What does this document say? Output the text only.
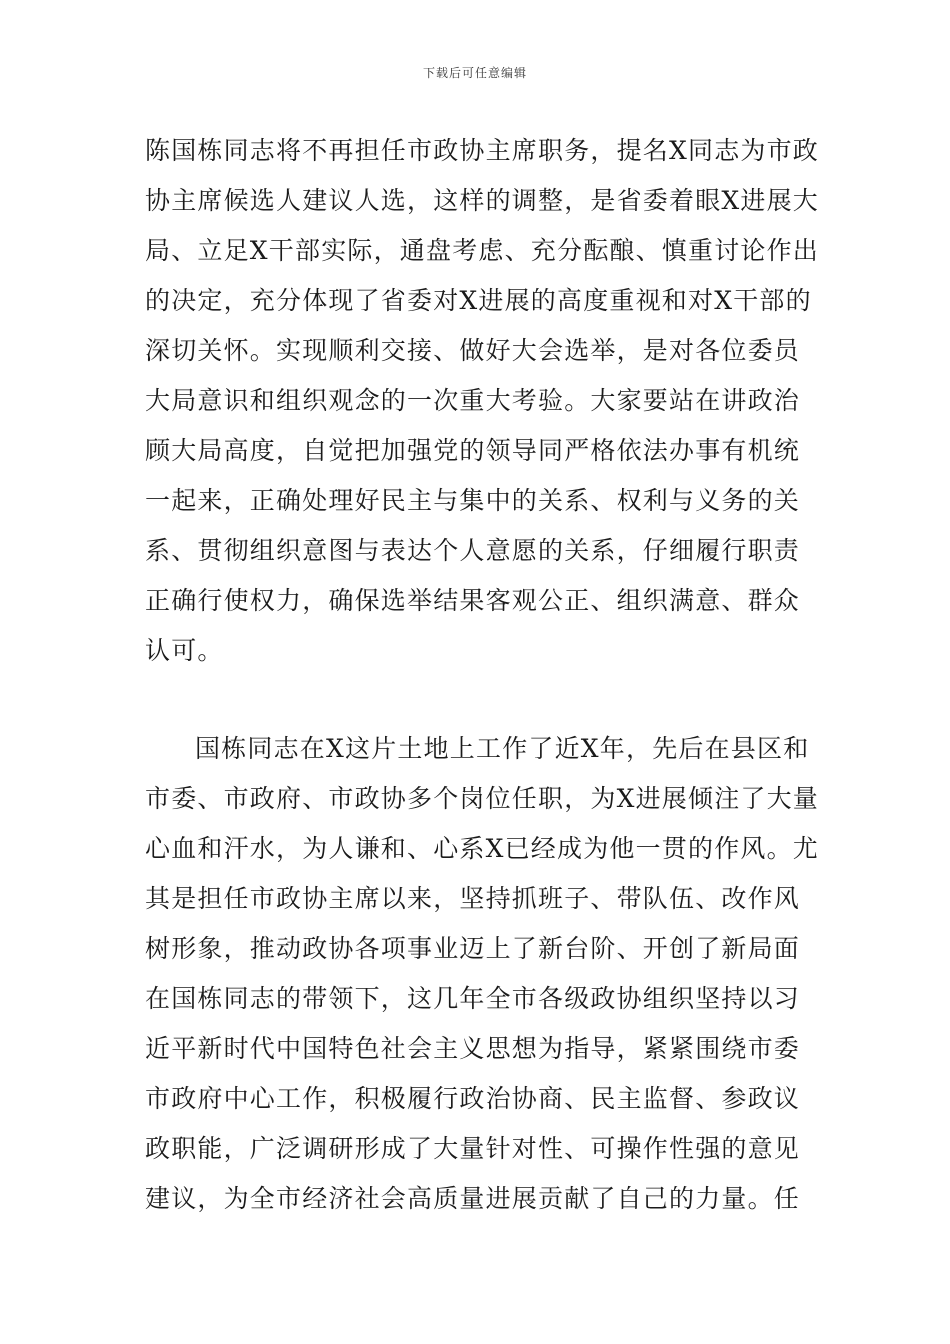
下载后可任意编辑
陈国栋同志将不再担任市政协主席职务，提名X同志为市政
协主席候选人建议人选，这样的调整，是省委着眼X进展大
局、立足X干部实际，通盘考虑、充分酝酿、慎重讨论作出
的决定，充分体现了省委对X进展的高度重视和对X干部的
深切关怀。实现顺利交接、做好大会选举，是对各位委员
大局意识和组织观念的一次重大考验。大家要站在讲政治
顾大局高度，自觉把加强党的领导同严格依法办事有机统
一起来，正确处理好民主与集中的关系、权利与义务的关
系、贯彻组织意图与表达个人意愿的关系，仔细履行职责
正确行使权力，确保选举结果客观公正、组织满意、群众
认可。
国栋同志在X这片土地上工作了近X年，先后在县区和
市委、市政府、市政协多个岗位任职，为X进展倾注了大量
心血和汗水，为人谦和、心系X已经成为他一贯的作风。尤
其是担任市政协主席以来，坚持抓班子、带队伍、改作风
树形象，推动政协各项事业迈上了新台阶、开创了新局面
在国栋同志的带领下，这几年全市各级政协组织坚持以习
近平新时代中国特色社会主义思想为指导，紧紧围绕市委
市政府中心工作，积极履行政治协商、民主监督、参政议
政职能，广泛调研形成了大量针对性、可操作性强的意见
建议，为全市经济社会高质量进展贡献了自己的力量。任
